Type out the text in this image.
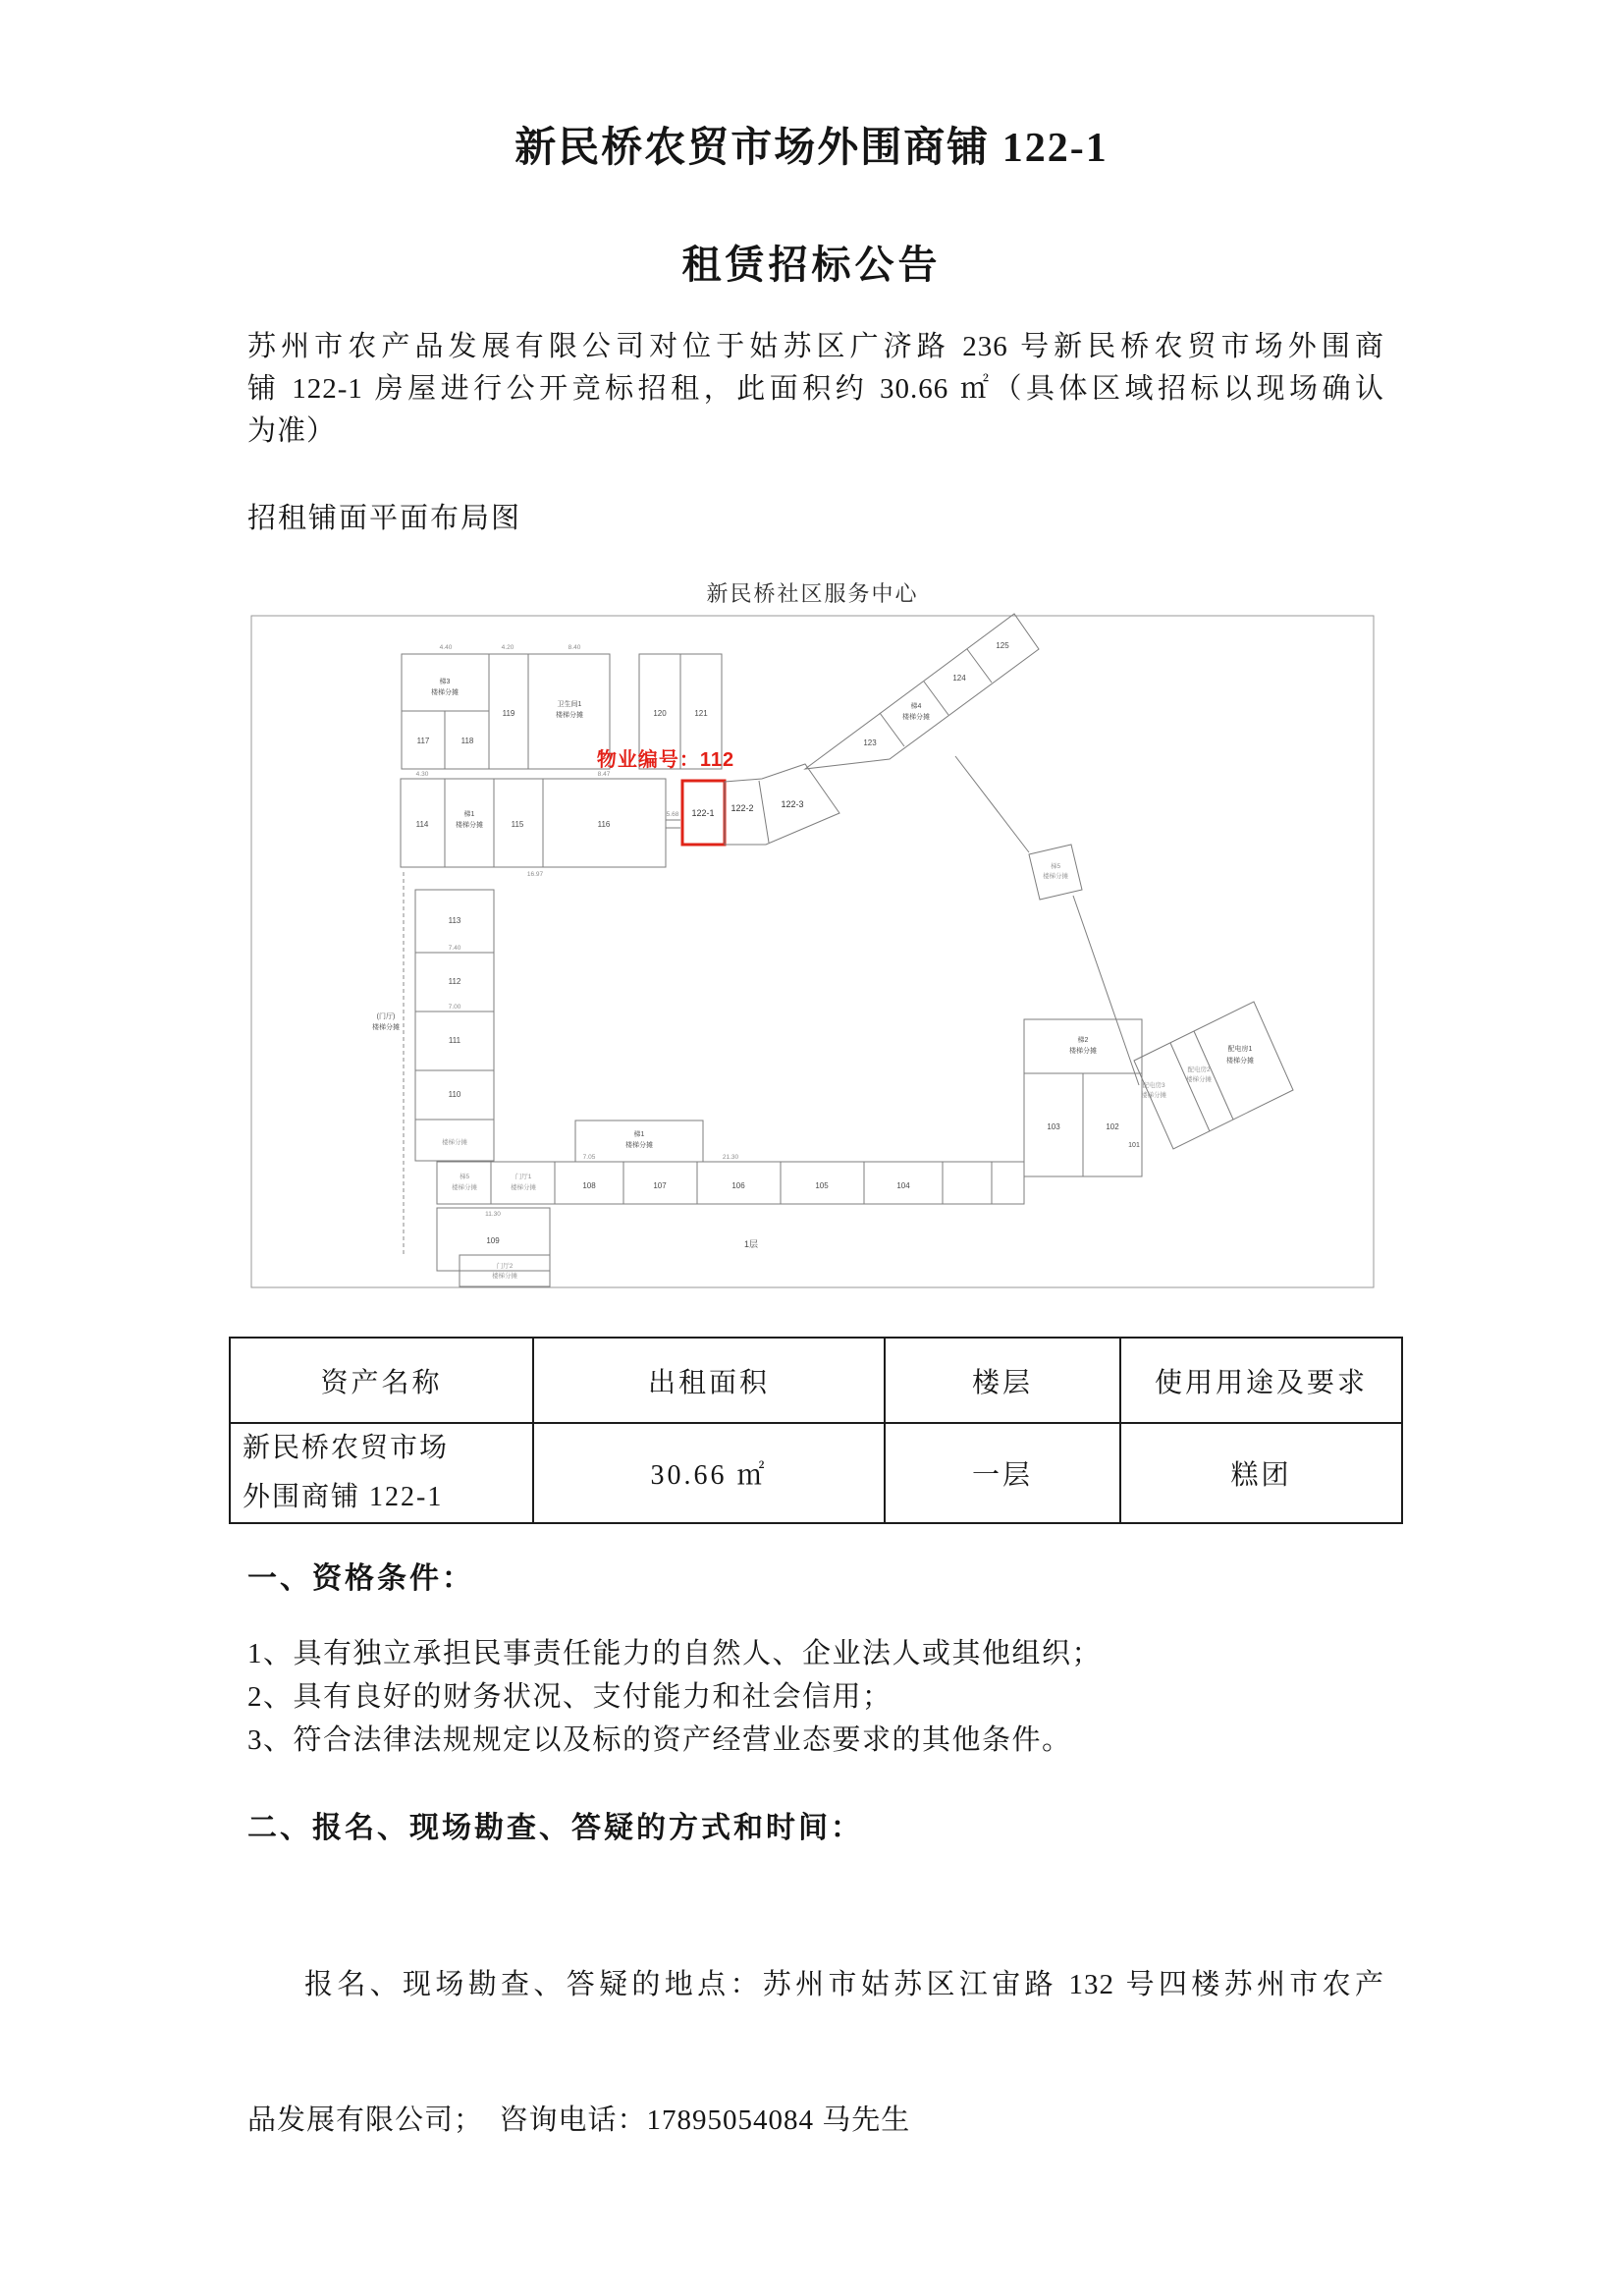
新民桥农贸市场外围商铺 122-1
租赁招标公告
苏州市农产品发展有限公司对位于姑苏区广济路 236 号新民桥农贸市场外围商
铺 122-1 房屋进行公开竞标招租，此面积约 30.66 ㎡（具体区域招标以现场确认
为准）
招租铺面平面布局图
新民桥社区服务中心
梯3
楼梯分摊
117	118
119
卫生间1
楼梯分摊	120	121
114
梯1
楼梯分摊	115	116
物业编号：112
122-1 122-2	122-3
123
梯4
楼梯分摊
124
125
梯5
楼梯分摊
梯2
楼梯分摊
103	102
101
配电房3
楼梯分摊
配电房2
楼梯分摊
配电房1
楼梯分摊
(门厅)
楼梯分摊
113
112
111
110
楼梯分摊
梯1
楼梯分摊
梯5
楼梯分摊
门厅1
楼梯分摊	108	107	106	105	104
109
门厅2
楼梯分摊
1层
4.40	4.20	8.40
4.30	8.47
16.97
5.68
7.40
7.00
11.30
21.30
7.05
资产名称	出租面积	楼层	使用用途及要求

新民桥农贸市场
外围商铺 122-1	30.66 ㎡	一层	糕团
一、资格条件：
1、具有独立承担民事责任能力的自然人、企业法人或其他组织；
2、具有良好的财务状况、支付能力和社会信用；
3、符合法律法规规定以及标的资产经营业态要求的其他条件。
二、报名、现场勘查、答疑的方式和时间：

报名、现场勘查、答疑的地点：苏州市姑苏区江宙路 132 号四楼苏州市农产

品发展有限公司；  咨询电话：17895054084 马先生
